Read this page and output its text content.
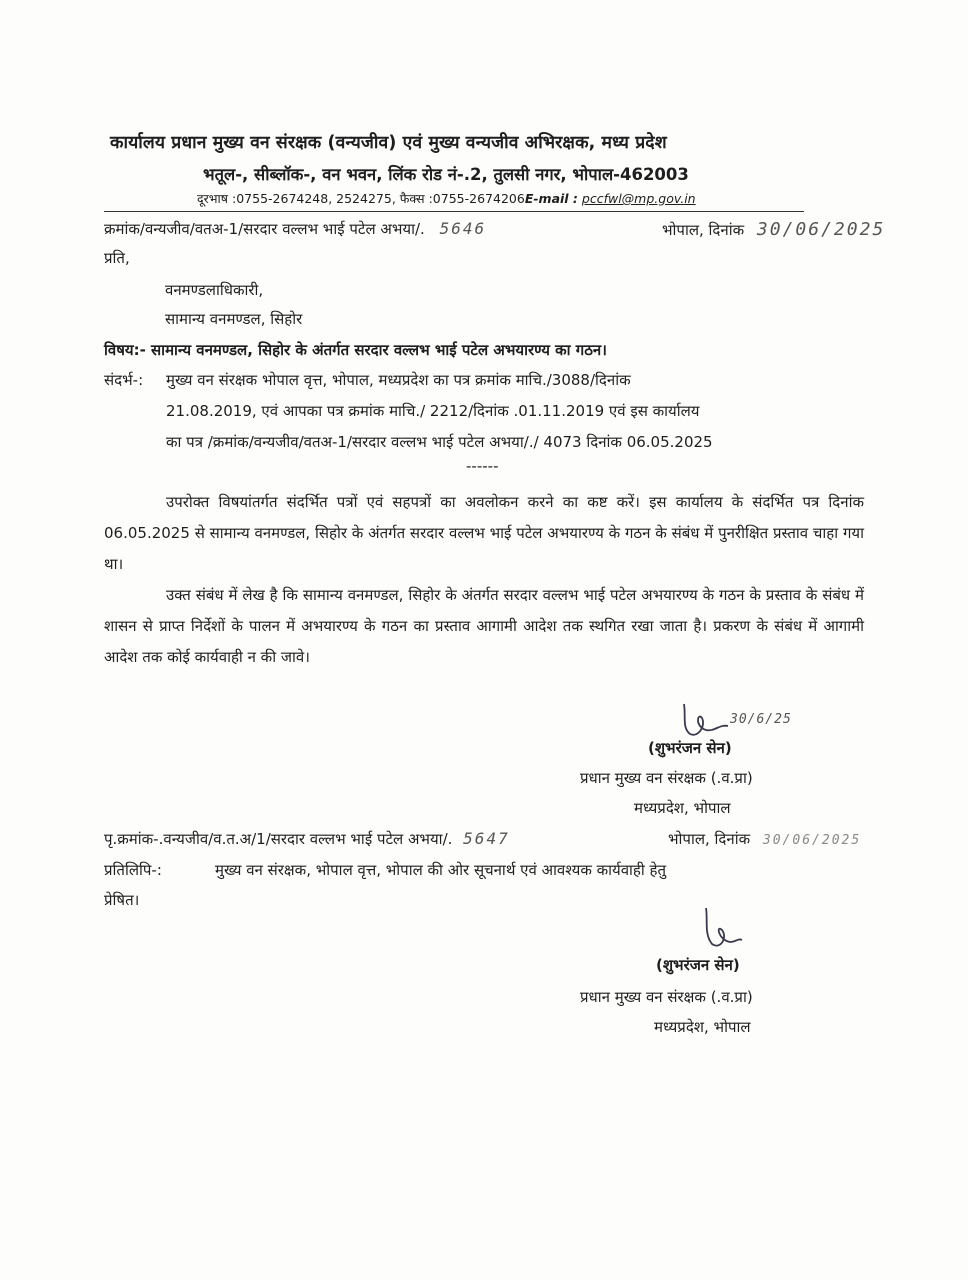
कार्यालय प्रधान मुख्य वन संरक्षक (वन्यजीव) एवं मुख्य वन्यजीव अभिरक्षक, मध्य प्रदेश
भतूल-, सीब्लॉक-, वन भवन, लिंक रोड नं-.2, तुलसी नगर, भोपाल-462003
दूरभाष :0755-2674248, 2524275, फैक्स :0755-2674206E-mail : pccfwl@mp.gov.in
क्रमांक/वन्यजीव/वतअ-1/सरदार वल्लभ भाई पटेल अभया/. 5646	भोपाल, दिनांक 30/06/2025
प्रति,
वनमण्डलाधिकारी,
सामान्य वनमण्डल, सिहोर
विषय:- सामान्य वनमण्डल, सिहोर के अंतर्गत सरदार वल्लभ भाई पटेल अभयारण्य का गठन।
संदर्भ-: मुख्य वन संरक्षक भोपाल वृत्त, भोपाल, मध्यप्रदेश का पत्र क्रमांक माचि./3088/दिनांक
21.08.2019, एवं आपका पत्र क्रमांक माचि./ 2212/दिनांक .01.11.2019 एवं इस कार्यालय
का पत्र /क्रमांक/वन्यजीव/वतअ-1/सरदार वल्लभ भाई पटेल अभया/./ 4073 दिनांक 06.05.2025
------
उपरोक्त विषयांतर्गत संदर्भित पत्रों एवं सहपत्रों का अवलोकन करने का कष्ट करें। इस कार्यालय के संदर्भित पत्र दिनांक 06.05.2025 से सामान्य वनमण्डल, सिहोर के अंतर्गत सरदार वल्लभ भाई पटेल अभयारण्य के गठन के संबंध में पुनरीक्षित प्रस्ताव चाहा गया था।
उक्त संबंध में लेख है कि सामान्य वनमण्डल, सिहोर के अंतर्गत सरदार वल्लभ भाई पटेल अभयारण्य के गठन के प्रस्ताव के संबंध में शासन से प्राप्त निर्देशों के पालन में अभयारण्य के गठन का प्रस्ताव आगामी आदेश तक स्थगित रखा जाता है। प्रकरण के संबंध में आगामी आदेश तक कोई कार्यवाही न की जावे।
30/6/25
(शुभरंजन सेन)
प्रधान मुख्य वन संरक्षक (.व.प्रा)
मध्यप्रदेश, भोपाल
पृ.क्रमांक-.वन्यजीव/व.त.अ/1/सरदार वल्लभ भाई पटेल अभया/. 5647	भोपाल, दिनांक 30/06/2025
प्रतिलिपि-:	मुख्य वन संरक्षक, भोपाल वृत्त, भोपाल की ओर सूचनार्थ एवं आवश्यक कार्यवाही हेतु
प्रेषित।
(शुभरंजन सेन)
प्रधान मुख्य वन संरक्षक (.व.प्रा)
मध्यप्रदेश, भोपाल
